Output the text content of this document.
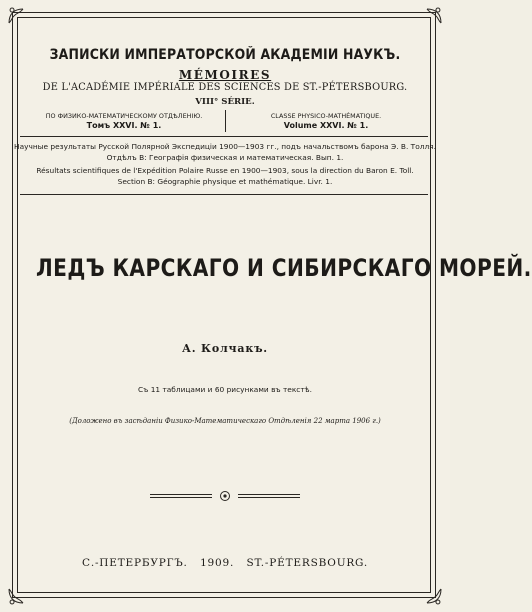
ЗАПИСКИ ИМПЕРАТОРСКОЙ АКАДЕМIИ НАУКЪ.
MÉMOIRES
DE L'ACADÉMIE IMPÉRIALE DES SCIENCES DE ST.-PÉTERSBOURG.
VIII° SÉRIE.
ПО ФИЗИКО-МАТЕМАТИЧЕСКОМУ ОТДѢЛЕНIЮ.
Томъ XXVI. № 1.
CLASSE PHYSICO-MATHÉMATIQUE.
Volume XXVI. № 1.
Научные результаты Русской Полярной Экспедицiи 1900—1903 гг., подъ начальствомъ барона Э. В. Толля.
Отдѣлъ В: Географiя физическая и математическая. Вып. 1.
Résultats scientifiques de l'Expédition Polaire Russe en 1900—1903, sous la direction du Baron E. Toll.
Section B: Géographie physique et mathématique. Livr. 1.
ЛЕДЪ КАРСКАГО И СИБИРСКАГО МОРЕЙ.
А. Колчакъ.
Съ 11 таблицами и 60 рисунками въ текстѣ.
(Доложено въ засѣданiи Физико-Математическаго Отдѣленiя 22 марта 1906 г.)
С.-ПЕТЕРБУРГЪ.   1909.   ST.-PÉTERSBOURG.
